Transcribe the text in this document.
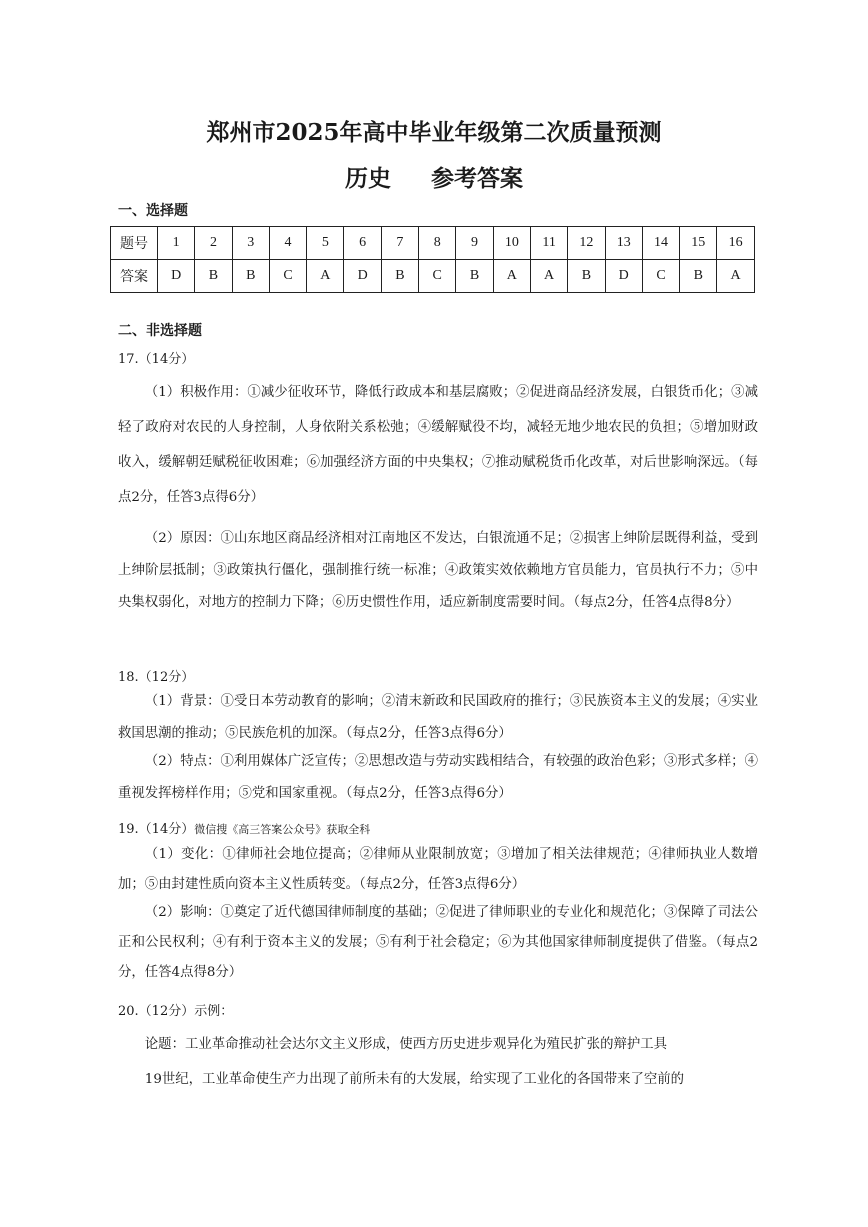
郑州市2025年高中毕业年级第二次质量预测
历史 参考答案
一、选择题
题号	1	2	3	4	5	6	7	8	9	10	11	12	13	14	15	16
答案	D	B	B	C	A	D	B	C	B	A	A	B	D	C	B	A
二、非选择题
17.（14分）

（1）积极作用：①减少征收环节，降低行政成本和基层腐败；②促进商品经济发展，白银货币化；③减轻了政府对农民的人身控制，人身依附关系松弛；④缓解赋役不均，减轻无地少地农民的负担；⑤增加财政收入，缓解朝廷赋税征收困难；⑥加强经济方面的中央集权；⑦推动赋税货币化改革，对后世影响深远。（每点2分，任答3点得6分）

（2）原因：①山东地区商品经济相对江南地区不发达，白银流通不足；②损害上绅阶层既得利益，受到上绅阶层抵制；③政策执行僵化，强制推行统一标准；④政策实效依赖地方官员能力，官员执行不力；⑤中央集权弱化，对地方的控制力下降；⑥历史惯性作用，适应新制度需要时间。（每点2分，任答4点得8分）

18.（12分）

（1）背景：①受日本劳动教育的影响；②清末新政和民国政府的推行；③民族资本主义的发展；④实业救国思潮的推动；⑤民族危机的加深。（每点2分，任答3点得6分）

（2）特点：①利用媒体广泛宣传；②思想改造与劳动实践相结合，有较强的政治色彩；③形式多样；④重视发挥榜样作用；⑤党和国家重视。（每点2分，任答3点得6分）

19.（14分）微信搜《高三答案公众号》获取全科

（1）变化：①律师社会地位提高；②律师从业限制放宽；③增加了相关法律规范；④律师执业人数增加；⑤由封建性质向资本主义性质转变。（每点2分，任答3点得6分）

（2）影响：①奠定了近代德国律师制度的基础；②促进了律师职业的专业化和规范化；③保障了司法公正和公民权利；④有利于资本主义的发展；⑤有利于社会稳定；⑥为其他国家律师制度提供了借鉴。（每点2分，任答4点得8分）

20.（12分）示例：

论题：工业革命推动社会达尔文主义形成，使西方历史进步观异化为殖民扩张的辩护工具

19世纪，工业革命使生产力出现了前所未有的大发展，给实现了工业化的各国带来了空前的
